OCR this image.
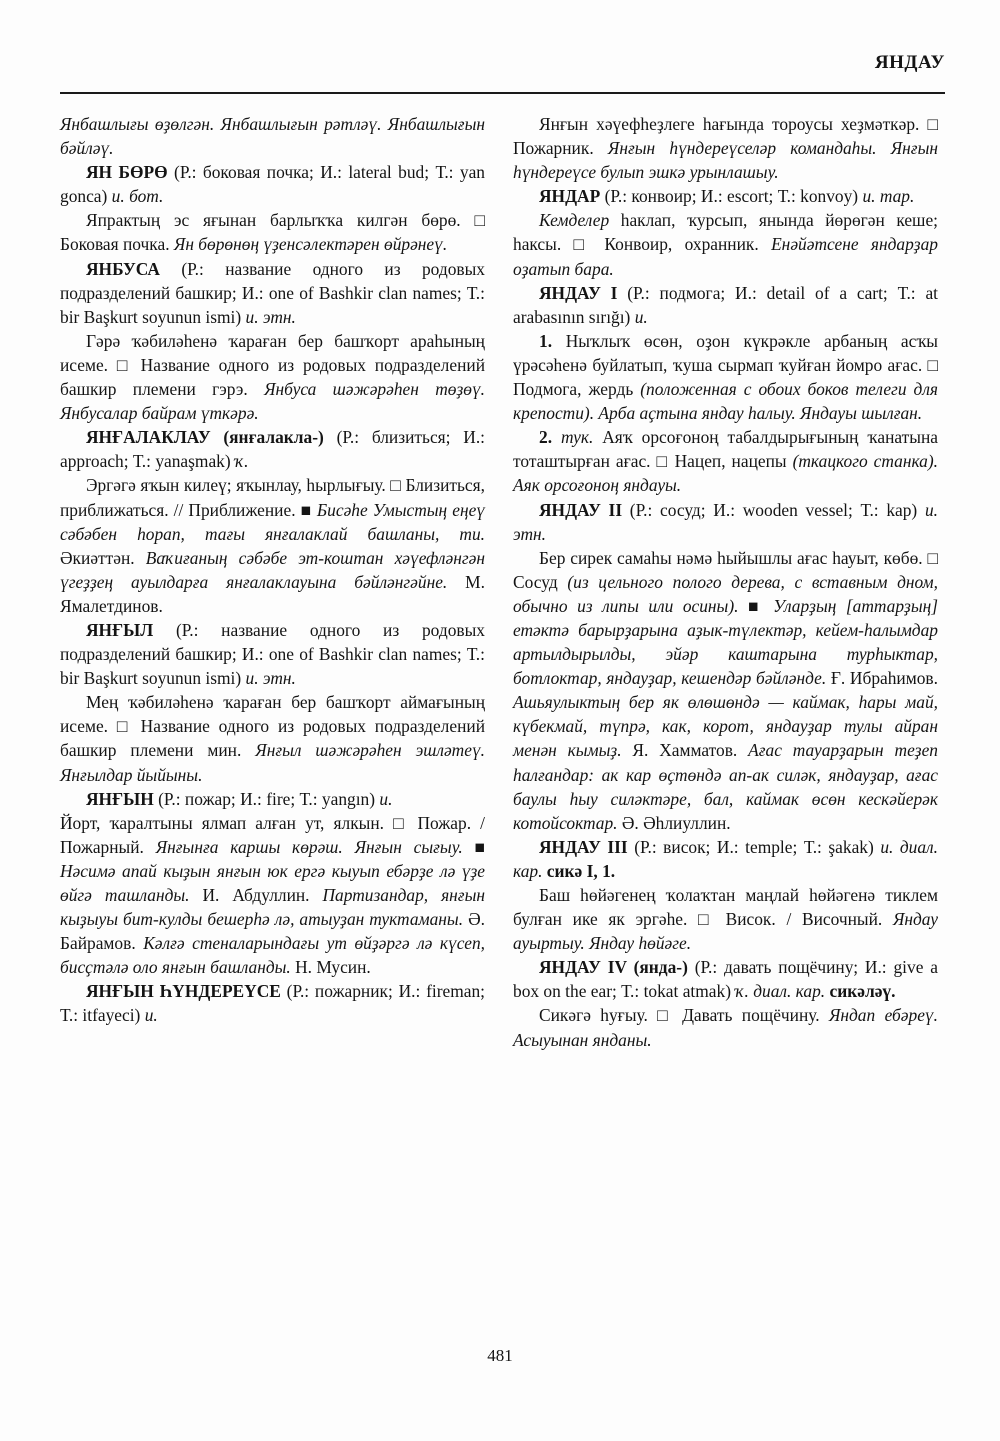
ЯНДАУ

Янбашлығы өҙөлгән. Янбашлығын рәтләү. Янбашлығын бәйләү.

ЯН БӨРӨ (Р.: боковая почка; И.: lateral bud; Т.: yan gonca) и. бот.

Япрактың эс яғынан барлыҡҡа килгән бөрө. □ Боковая почка. Ян бөрөнөң үҙенсәлектәрен өйрәнеү.

ЯНБУСА (Р.: название одного из родовых подразделений башкир; И.: one of Bashkir clan names; Т.: bir Başkurt soyunun ismi) и. этн.

Гәрә ҡәбиләһенә ҡараған бер башҡорт араһының исеме. □ Название одного из родовых подразделений башкир племени гэрэ. Янбуса шәжәрәһен төҙөү. Янбусалар байрам үткәрә.

ЯНҒАЛАКЛАУ (янғалакла-) (Р.: близиться; И.: approach; Т.: yanaşmak) ҡ.

Эргәгә яҡын килеү; яҡынлау, һырлығыу. □ Близиться, приближаться. // Приближение. ■ Бисәһе Умыстың еңеү сәбәбен һорап, тағы янғалаклай башланы, ти. Әкиәттән. Ваҡиғаның сәбәбе эт-коштан хәүефләнгән үгеҙҙең ауылдарға янғалаклауына бәйләнгәйне. М. Ямалетдинов.

ЯНҒЫЛ (Р.: название одного из родовых подразделений башкир; И.: one of Bashkir clan names; Т.: bir Başkurt soyunun ismi) и. этн.

Мең ҡәбиләһенә ҡараған бер башҡорт аймағының исеме. □ Название одного из родовых подразделений башкир племени мин. Янғыл шәжәрәһен эшләтеү. Янғылдар йыйыны.

ЯНҒЫН (Р.: пожар; И.: fire; Т.: yangın) и.

Йорт, ҡаралтыны ялмап алған ут, ялкын. □ Пожар. / Пожарный. Янғынға каршы көрәш. Янғын сығыу. ■ Нәсимә апай кыҙын янғын юк ергә кыуып ебәрҙе лә үҙе өйгә ташланды. И. Абдуллин. Партизандар, янғын кыҙыуы бит-кулды бешерһә лә, атыуҙан туктаманы. Ә. Байрамов. Кәлғә стеналарындағы ут өйҙәргә лә күсеп, бисҫтәлә оло янғын башланды. Н. Мусин.

ЯНҒЫН ҺҮНДЕРЕҮСЕ (Р.: пожарник; И.: fireman; Т.: itfayeci) и.

Янғын хәүефһеҙлеге һағында тороусы хеҙмәткәр. □ Пожарник. Янғын һүндереүселәр командаһы. Янғын һүндереүсе булып эшкә урынлашыу.

ЯНДАР (Р.: конвоир; И.: escort; Т.: konvoy) и. тар.

Кемделер һаклап, ҡурсып, янында йөрөгән кеше; һаксы. □ Конвоир, охранник. Енәйәтсене яндарҙар оҙатып бара.

ЯНДАУ I (Р.: подмога; И.: detail of a cart; Т.: at arabasının sırığı) и.

1. Ныҡлыҡ өсөн, оҙон күкрәкле арбаның асҡы үрәсәһенә буйлатып, ҡуша сырмап ҡуйған йомро ағас. □ Подмога, жердь (положенная с обоих боков телеги для крепости). Арба аҫтына яндау һалыу. Яндауы шылған.

2. тук. Аяҡ орсоғоноң табалдырығының ҡанатына тоташтырған ағас. □ Нацеп, нацепы (ткацкого станка). Аяк орсоғоноң яндауы.

ЯНДАУ II (Р.: сосуд; И.: wooden vessel; Т.: kap) и. этн.

Бер сирек самаһы нәмә һыйышлы ағас һауыт, көбө. □ Сосуд (из цельного полого дерева, с вставным дном, обычно из липы или осины). ■ Уларҙың [аттарҙың] етәктә барырҙарына аҙык-түлектәр, кейем-һалымдар артылдырылды, эйәр каштарына турһыктар, ботлоктар, яндауҙар, кешендәр бәйләнде. Ғ. Ибраһимов. Ашьяулыктың бер як өлөшөндә — каймак, һары май, күбекмай, түпрә, как, корот, яндауҙар тулы айран менән кымыҙ. Я. Хамматов. Ағас тауарҙарын теҙеп һалғандар: ак кар өҫтөндә ап-ак силәк, яндауҙар, ағас баулы һыу силәктәре, бал, каймак өсөн кескәйерәк котойсоктар. Ә. Әһлиуллин.

ЯНДАУ III (Р.: висок; И.: temple; Т.: şakak) и. диал. кар. сикә I, 1.

Баш һөйәгенең ҡолаҡтан маңлай һөйәгенә тиклем булған ике як эргәһе. □ Висок. / Височный. Яндау ауыртыу. Яндау һөйәге.

ЯНДАУ IV (янда-) (Р.: давать пощёчину; И.: give a box on the ear; Т.: tokat atmak) ҡ. диал. кар. сикәләү.

Сикәгә һуғыу. □ Давать пощёчину. Яндап ебәреү. Асыуынан янданы.

481
